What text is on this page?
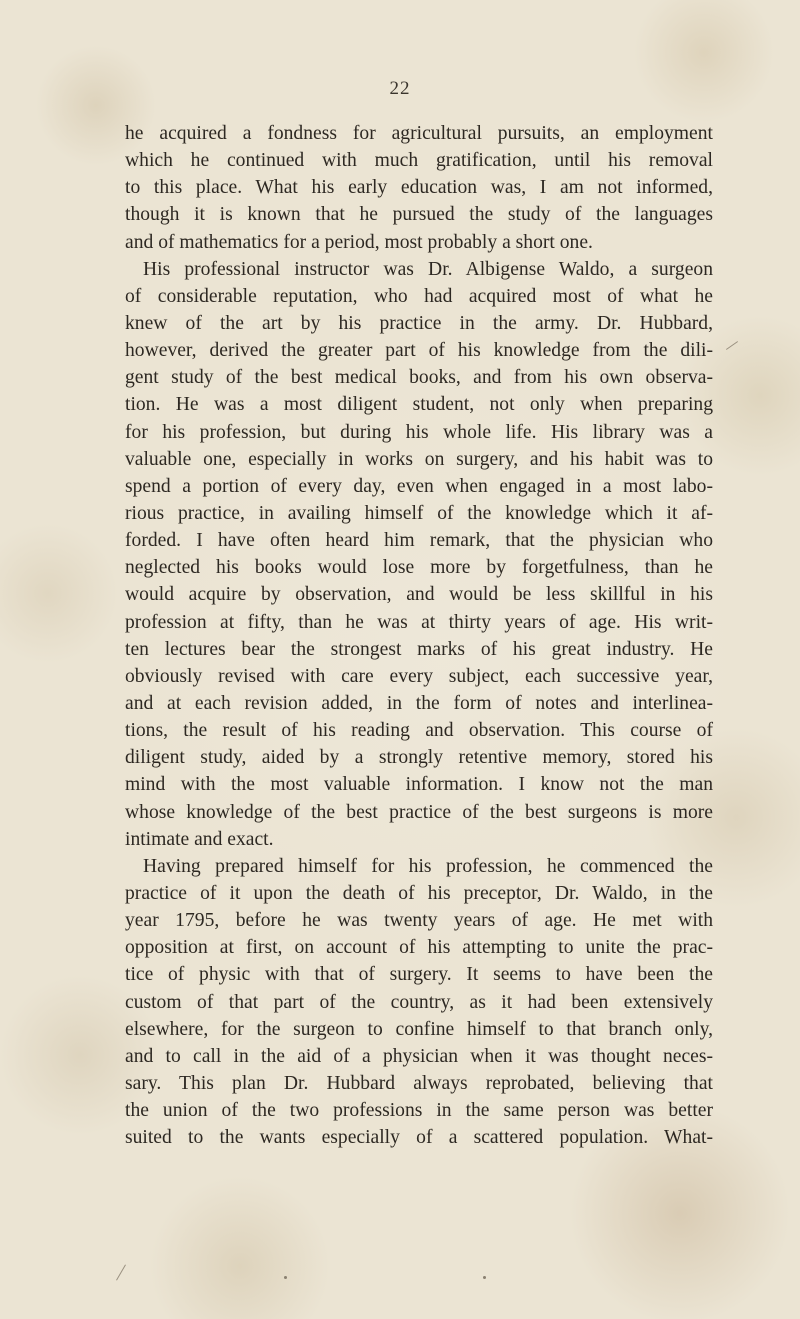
22
he acquired a fondness for agricultural pursuits, an employment
which he continued with much gratification, until his removal
to this place. What his early education was, I am not informed,
though it is known that he pursued the study of the languages
and of mathematics for a period, most probably a short one.
His professional instructor was Dr. Albigense Waldo, a surgeon
of considerable reputation, who had acquired most of what he
knew of the art by his practice in the army. Dr. Hubbard,
however, derived the greater part of his knowledge from the dili-
gent study of the best medical books, and from his own observa-
tion. He was a most diligent student, not only when preparing
for his profession, but during his whole life. His library was a
valuable one, especially in works on surgery, and his habit was to
spend a portion of every day, even when engaged in a most labo-
rious practice, in availing himself of the knowledge which it af-
forded. I have often heard him remark, that the physician who
neglected his books would lose more by forgetfulness, than he
would acquire by observation, and would be less skillful in his
profession at fifty, than he was at thirty years of age. His writ-
ten lectures bear the strongest marks of his great industry. He
obviously revised with care every subject, each successive year,
and at each revision added, in the form of notes and interlinea-
tions, the result of his reading and observation. This course of
diligent study, aided by a strongly retentive memory, stored his
mind with the most valuable information. I know not the man
whose knowledge of the best practice of the best surgeons is more
intimate and exact.
Having prepared himself for his profession, he commenced the
practice of it upon the death of his preceptor, Dr. Waldo, in the
year 1795, before he was twenty years of age. He met with
opposition at first, on account of his attempting to unite the prac-
tice of physic with that of surgery. It seems to have been the
custom of that part of the country, as it had been extensively
elsewhere, for the surgeon to confine himself to that branch only,
and to call in the aid of a physician when it was thought neces-
sary. This plan Dr. Hubbard always reprobated, believing that
the union of the two professions in the same person was better
suited to the wants especially of a scattered population. What-
